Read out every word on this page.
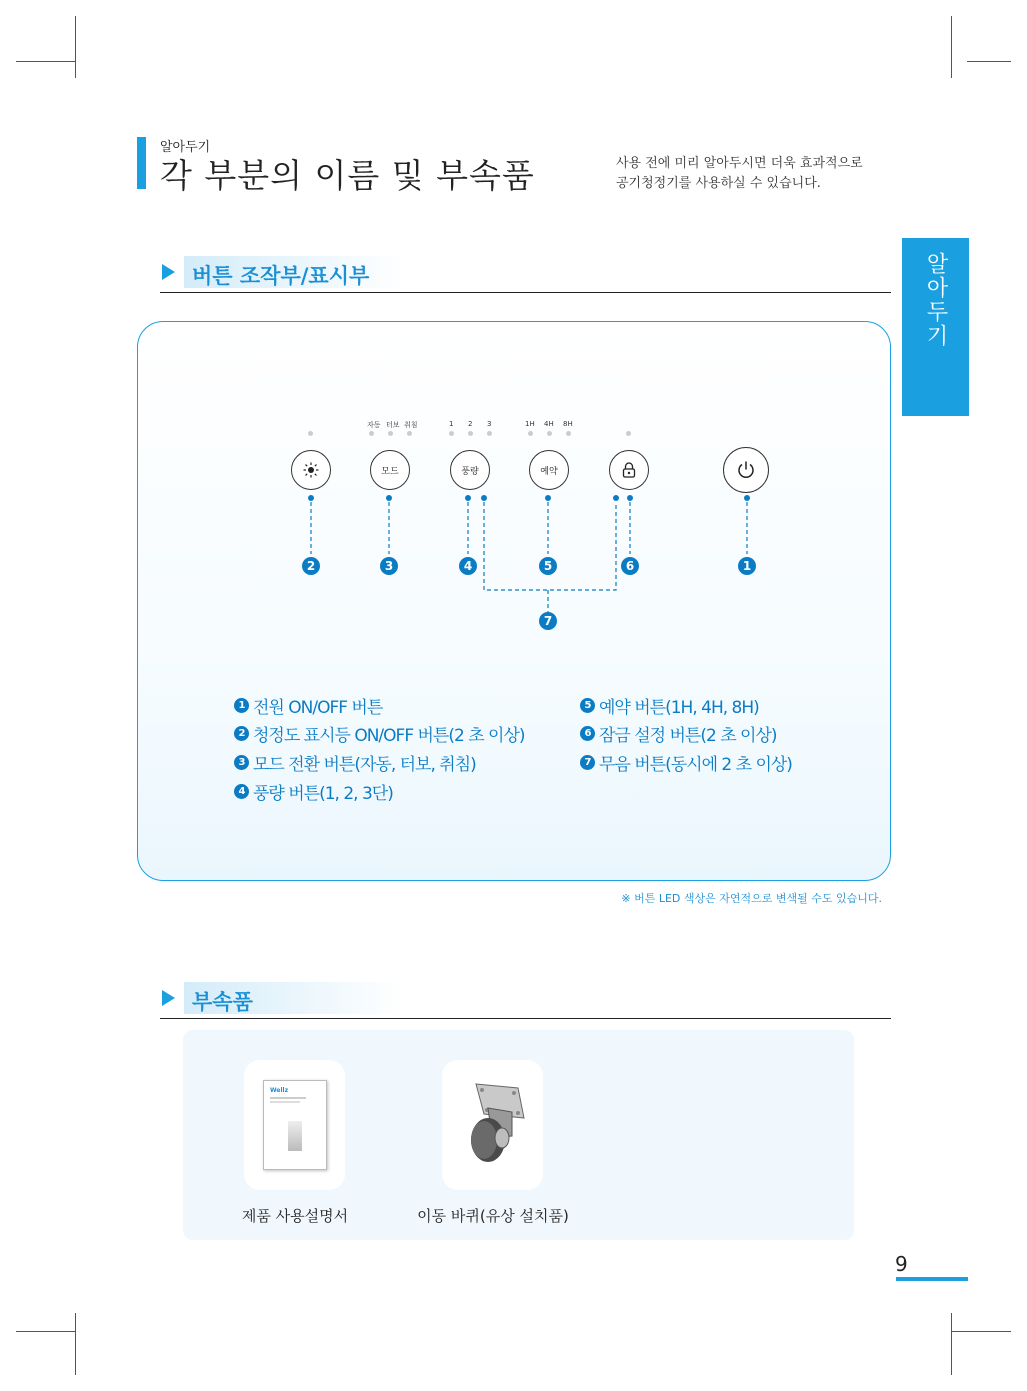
알아두기
각 부분의 이름 및 부속품	사용 전에 미리 알아두시면 더욱 효과적으로
공기청정기를 사용하실 수 있습니다.
알아두기
버튼 조작부/표시부
자동 터보 취침	1 2 3	1H 4H 8H
모드	풍량	예약
2	3	4	5	6	1
7
1 전원 ON/OFF 버튼
2 청정도 표시등 ON/OFF 버튼(2 초 이상)
3 모드 전환 버튼(자동, 터보, 취침)
4 풍량 버튼(1, 2, 3단)
5 예약 버튼(1H, 4H, 8H)
6 잠금 설정 버튼(2 초 이상)
7 무음 버튼(동시에 2 초 이상)
※ 버튼 LED 색상은 자연적으로 변색될 수도 있습니다.
부속품
Wellz
제품 사용설명서	이동 바퀴(유상 설치품)
9
